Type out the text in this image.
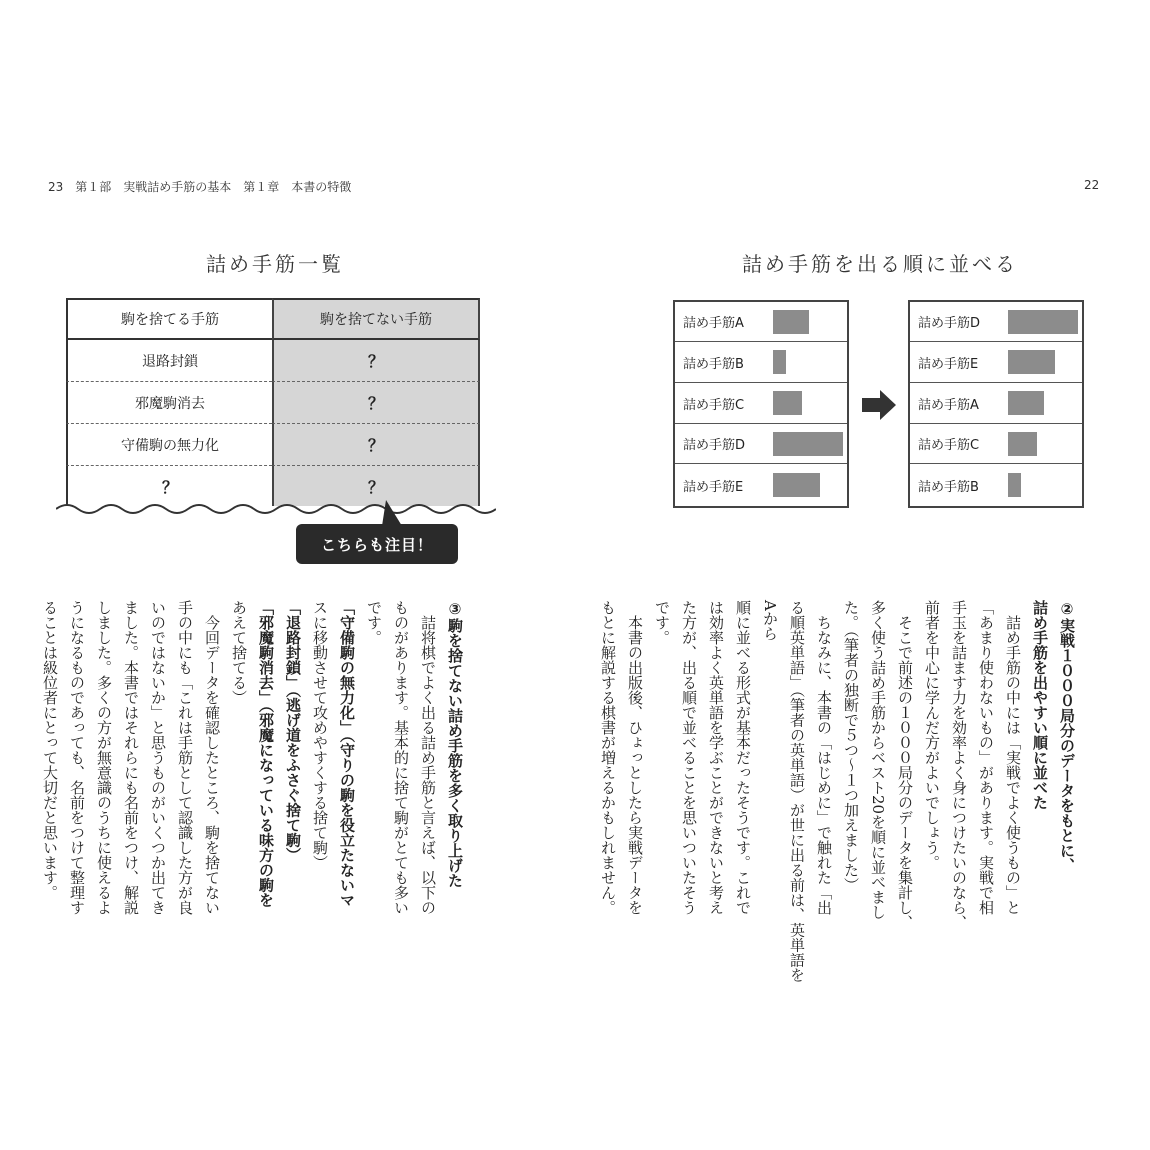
23　第１部　実戦詰め手筋の基本　第１章　本書の特徴	22
詰め手筋一覧
駒を捨てる手筋	駒を捨てない手筋
退路封鎖	？
邪魔駒消去	？
守備駒の無力化	？
？	？
こちらも注目！
詰め手筋を出る順に並べる
詰め手筋A
詰め手筋B
詰め手筋C
詰め手筋D
詰め手筋E
詰め手筋D
詰め手筋E
詰め手筋A
詰め手筋C
詰め手筋B
②実戦１０００局分のデータをもとに、
詰め手筋を出やすい順に並べた
　詰め手筋の中には「実戦でよく使うもの」と
「あまり使わないもの」があります。実戦で相
手玉を詰ます力を効率よく身につけたいのなら、
前者を中心に学んだ方がよいでしょう。
　そこで前述の１０００局分のデータを集計し、
多く使う詰め手筋からベスト20を順に並べまし
た。（筆者の独断で５つ～１つ加えました）
　ちなみに、本書の「はじめに」で触れた「出
る順英単語」（筆者の英単語）が世に出る前は、英単語をAから
順に並べる形式が基本だったそうです。これで
は効率よく英単語を学ぶことができないと考え
た方が、出る順で並べることを思いついたそう
です。
　本書の出版後、ひょっとしたら実戦データを
もとに解説する棋書が増えるかもしれません。
③駒を捨てない詰め手筋を多く取り上げた
　詰将棋でよく出る詰め手筋と言えば、以下の
ものがあります。基本的に捨て駒がとても多い
です。
「守備駒の無力化」（守りの駒を役立たないマ
スに移動させて攻めやすくする捨て駒）
「退路封鎖」（逃げ道をふさぐ捨て駒）
「邪魔駒消去」（邪魔になっている味方の駒を
あえて捨てる）
　今回データを確認したところ、駒を捨てない
手の中にも「これは手筋として認識した方が良
いのではないか」と思うものがいくつか出てき
ました。本書ではそれらにも名前をつけ、解説
しました。多くの方が無意識のうちに使えるよ
うになるものであっても、名前をつけて整理す
ることは級位者にとって大切だと思います。
